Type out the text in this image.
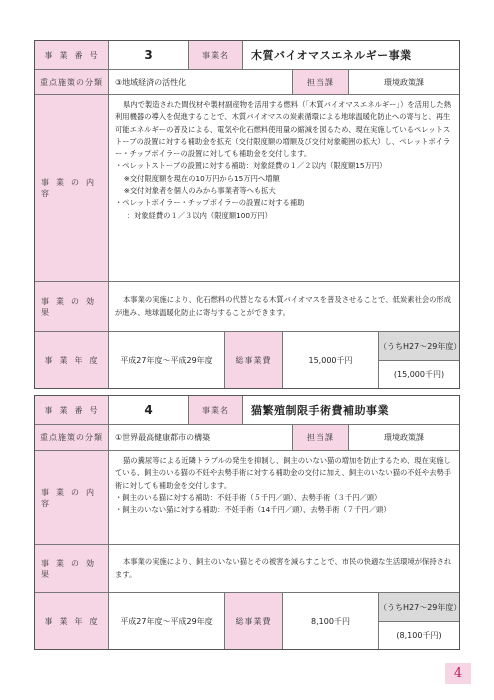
事業番号	3	事業名	木質バイオマスエネルギー事業
重点施策の分類	③地域経済の活性化	担当課	環境政策課
事業の内容

県内で製造された間伐材や製材副産物を活用する燃料（「木質バイオマスエネルギー」）を活用した熱利用機器の導入を促進することで、木質バイオマスの炭素循環による地球温暖化防止への寄与と、再生可能エネルギーの普及による、電気や化石燃料使用量の縮減を図るため、現在実施しているペレットストーブの設置に対する補助金を拡充（交付限度額の増額及び交付対象範囲の拡大）し、ペレットボイラー・チップボイラーの設置に対しても補助金を交付します。

・ペレットストーブの設置に対する補助：対象経費の１／２以内（限度額15万円）

※交付限度額を現在の10万円から15万円へ増額

※交付対象者を個人のみから事業者等へも拡大

・ペレットボイラー・チップボイラーの設置に対する補助

：対象経費の１／３以内（限度額100万円）

事業の効果

本事業の実施により、化石燃料の代替となる木質バイオマスを普及させることで、低炭素社会の形成が進み、地球温暖化防止に寄与することができます。

事業年度	平成27年度～平成29年度	総事業費	15,000千円
（うちH27～29年度）
(15,000千円)
事業番号	4	事業名	猫繁殖制限手術費補助事業
重点施策の分類	①世界最高健康都市の構築	担当課	環境政策課
事業の内容

猫の糞尿等による近隣トラブルの発生を抑制し、飼主のいない猫の増加を防止するため、現在実施している、飼主のいる猫の不妊や去勢手術に対する補助金の交付に加え、飼主のいない猫の不妊や去勢手術に対しても補助金を交付します。

・飼主のいる猫に対する補助：不妊手術（５千円／頭）、去勢手術（３千円／頭）

・飼主のいない猫に対する補助：不妊手術（14千円／頭）、去勢手術（７千円／頭）

事業の効果

本事業の実施により、飼主のいない猫とその被害を減らすことで、市民の快適な生活環境が保持されます。

事業年度	平成27年度～平成29年度	総事業費	8,100千円
（うちH27～29年度）
(8,100千円)
4
